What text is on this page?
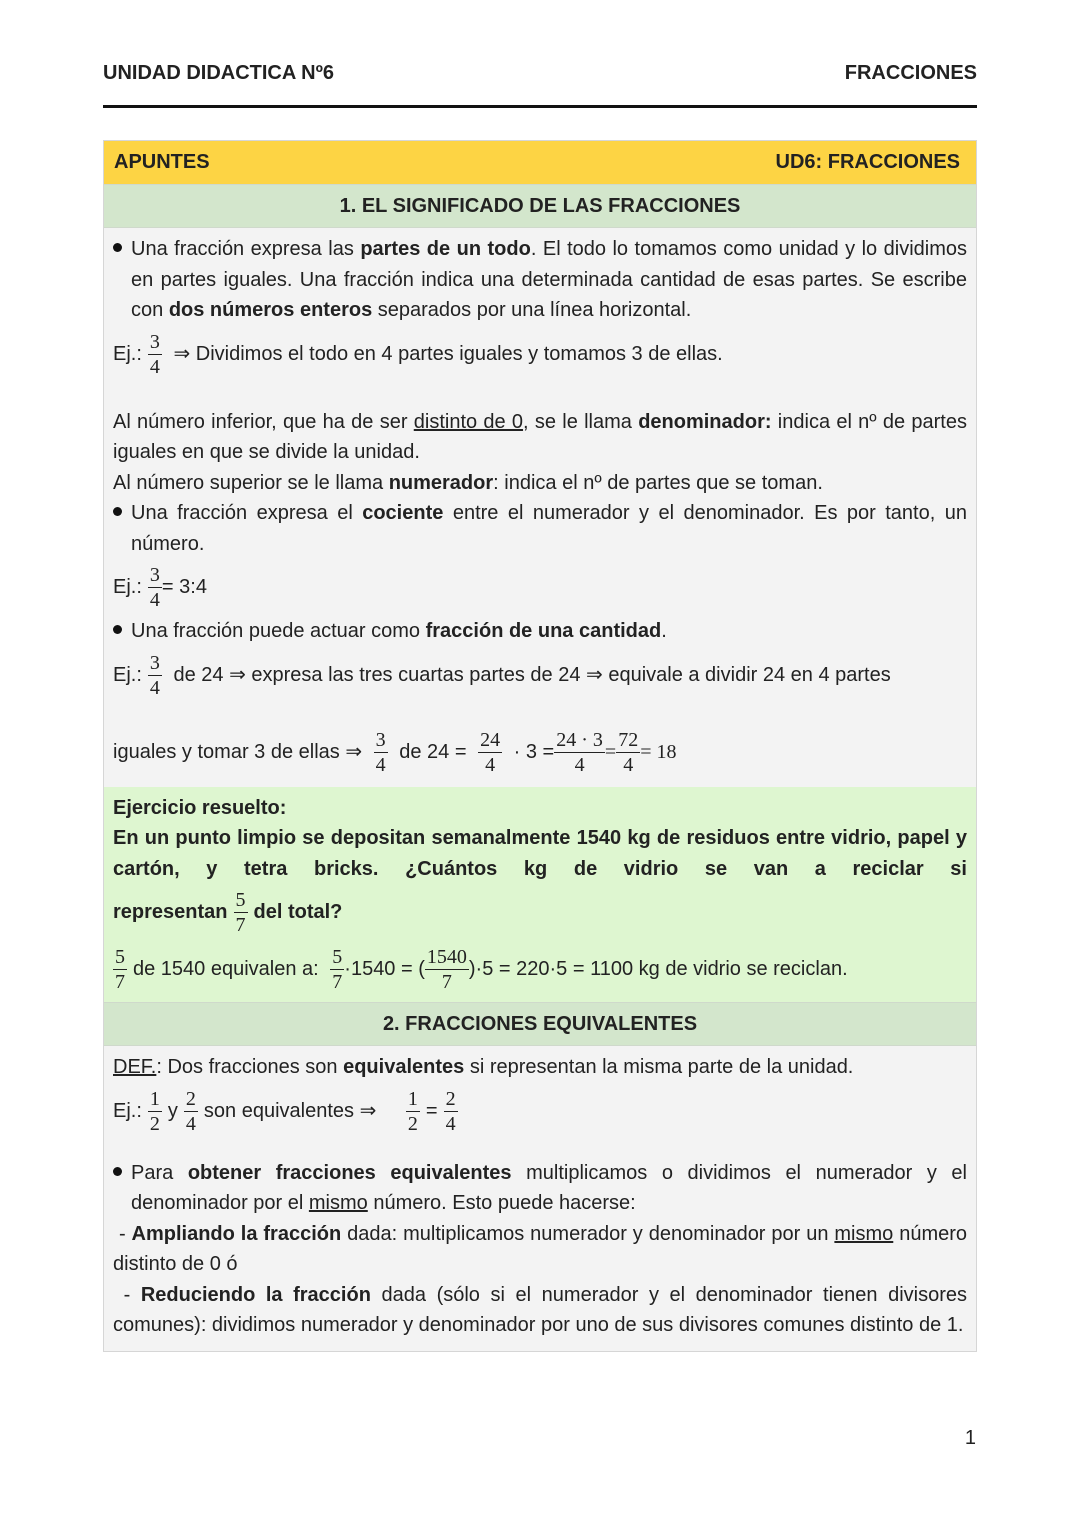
UNIDAD DIDACTICA Nº6	FRACCIONES
APUNTES	UD6: FRACCIONES
1. EL SIGNIFICADO DE LAS FRACCIONES
Una fracción expresa las partes de un todo. El todo lo tomamos como unidad y lo dividimos en partes iguales. Una fracción indica una determinada cantidad de esas partes. Se escribe con dos números enteros separados por una línea horizontal.
Ej.: $\frac{3}{4}$ ⇒ Dividimos el todo en 4 partes iguales y tomamos 3 de ellas.
Al número inferior, que ha de ser distinto de 0, se le llama denominador: indica el nº de partes iguales en que se divide la unidad.
Al número superior se le llama numerador: indica el nº de partes que se toman.
Una fracción expresa el cociente entre el numerador y el denominador. Es por tanto, un número.
Ej.: $\frac{3}{4}$ = 3:4
Una fracción puede actuar como fracción de una cantidad.
Ej.: $\frac{3}{4}$ de 24 ⇒ expresa las tres cuartas partes de 24 ⇒ equivale a dividir 24 en 4 partes
iguales y tomar 3 de ellas ⇒ $\frac{3}{4}$ de $24 = \frac{24}{4} \cdot 3 = \frac{24 \cdot 3}{4} = \frac{72}{4} = 18$
Ejercicio resuelto:
En un punto limpio se depositan semanalmente 1540 kg de residuos entre vidrio, papel y cartón, y tetra bricks. ¿Cuántos kg de vidrio se van a reciclar si
representan $\frac{5}{7}$ del total?
$\frac{5}{7}$ de 1540 equivalen a: $\frac{5}{7} \cdot 1540$ = ( $\frac{1540}{7} )\cdot 5 = 220\cdot 5 = 1100$ kg de vidrio se reciclan.
2. FRACCIONES EQUIVALENTES
DEF.: Dos fracciones son equivalentes si representan la misma parte de la unidad.
Ej.: $\frac{1}{2}$ y $\frac{2}{4}$ son equivalentes ⇒ $\frac{1}{2} = \frac{2}{4}$
Para obtener fracciones equivalentes multiplicamos o dividimos el numerador y el denominador por el mismo número. Esto puede hacerse:
- Ampliando la fracción dada: multiplicamos numerador y denominador por un mismo número distinto de 0 ó
- Reduciendo la fracción dada (sólo si el numerador y el denominador tienen divisores comunes): dividimos numerador y denominador por uno de sus divisores comunes distinto de 1.
1
